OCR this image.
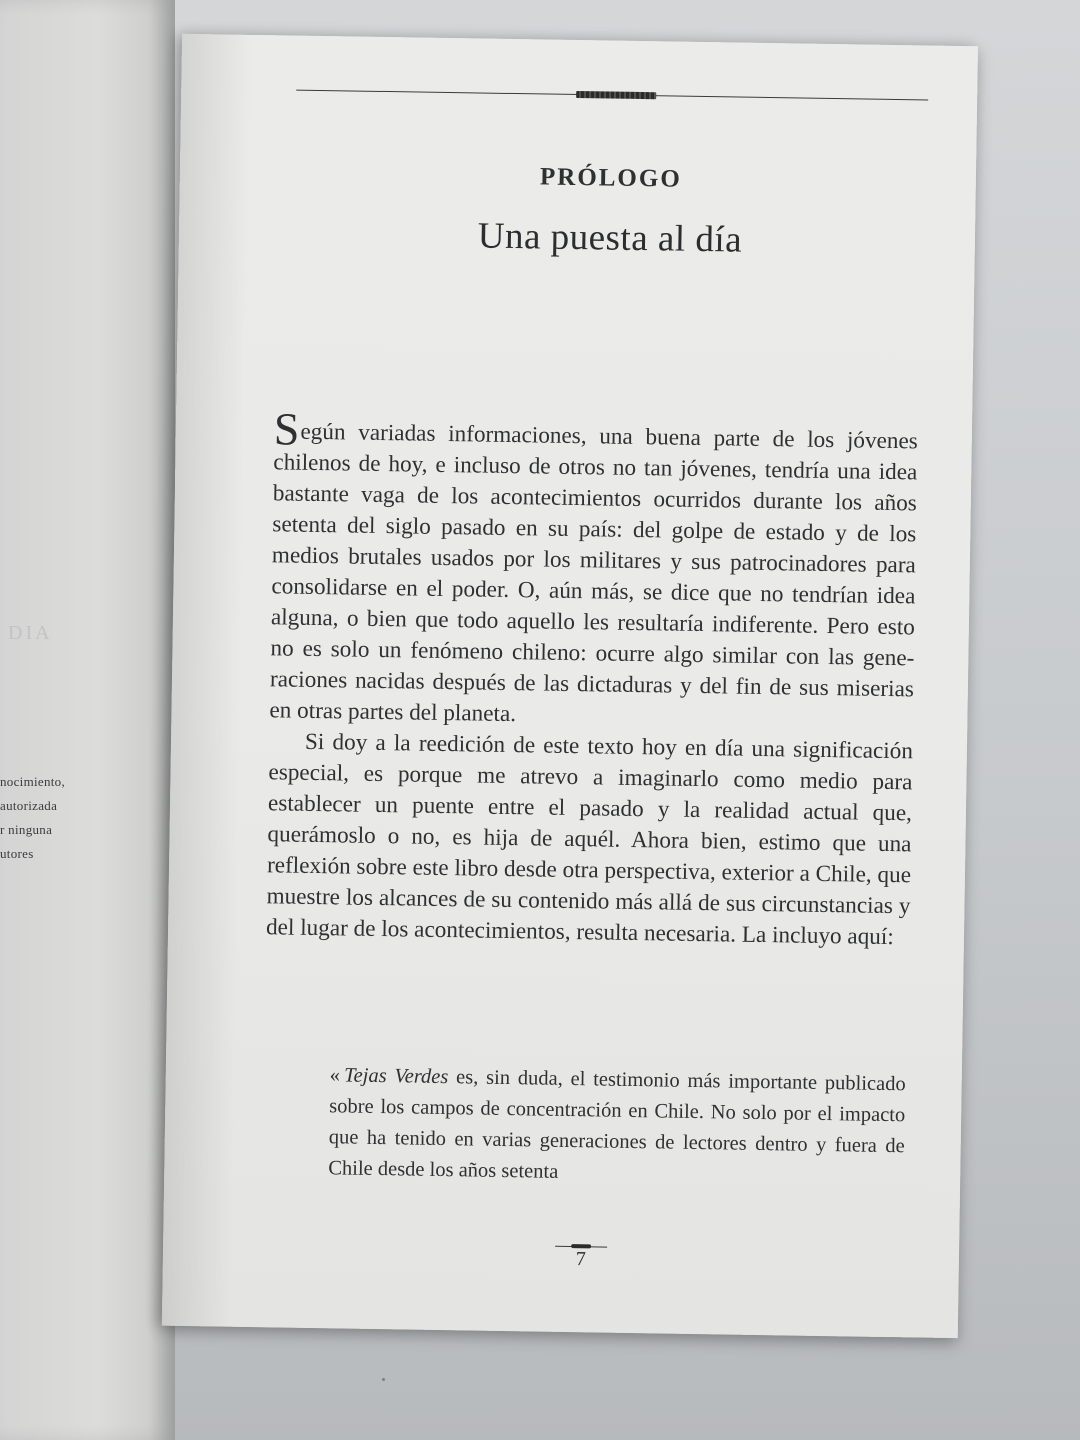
DIA
nocimiento,
autorizada
r ninguna
utores
PRÓLOGO
Una puesta al día

Según variadas informaciones, una buena parte de los jóvenes chilenos de hoy, e incluso de otros no tan jóvenes, tendría una idea bastante vaga de los acontecimientos ocurridos durante los años setenta del siglo pasado en su país: del golpe de estado y de los medios brutales usados por los militares y sus patrocinadores para consolidarse en el poder. O, aún más, se dice que no tendrían idea alguna, o bien que todo aquello les resultaría indiferente. Pero esto no es solo un fenómeno chileno: ocurre algo similar con las generaciones nacidas después de las dictaduras y del fin de sus miserias en otras partes del planeta.

Si doy a la reedición de este texto hoy en día una significación especial, es porque me atrevo a imaginarlo como medio para establecer un puente entre el pasado y la realidad actual que, querámoslo o no, es hija de aquél. Ahora bien, estimo que una reflexión sobre este libro desde otra perspectiva, exterior a Chile, que muestre los alcances de su contenido más allá de sus circunstancias y del lugar de los acontecimientos, resulta necesaria. La incluyo aquí:

«  Tejas Verdes es, sin duda, el testimonio más importante publicado sobre los campos de concentración en Chile. No solo por el impacto que ha tenido en varias generaciones de lectores dentro y fuera de Chile desde los años setenta
7
